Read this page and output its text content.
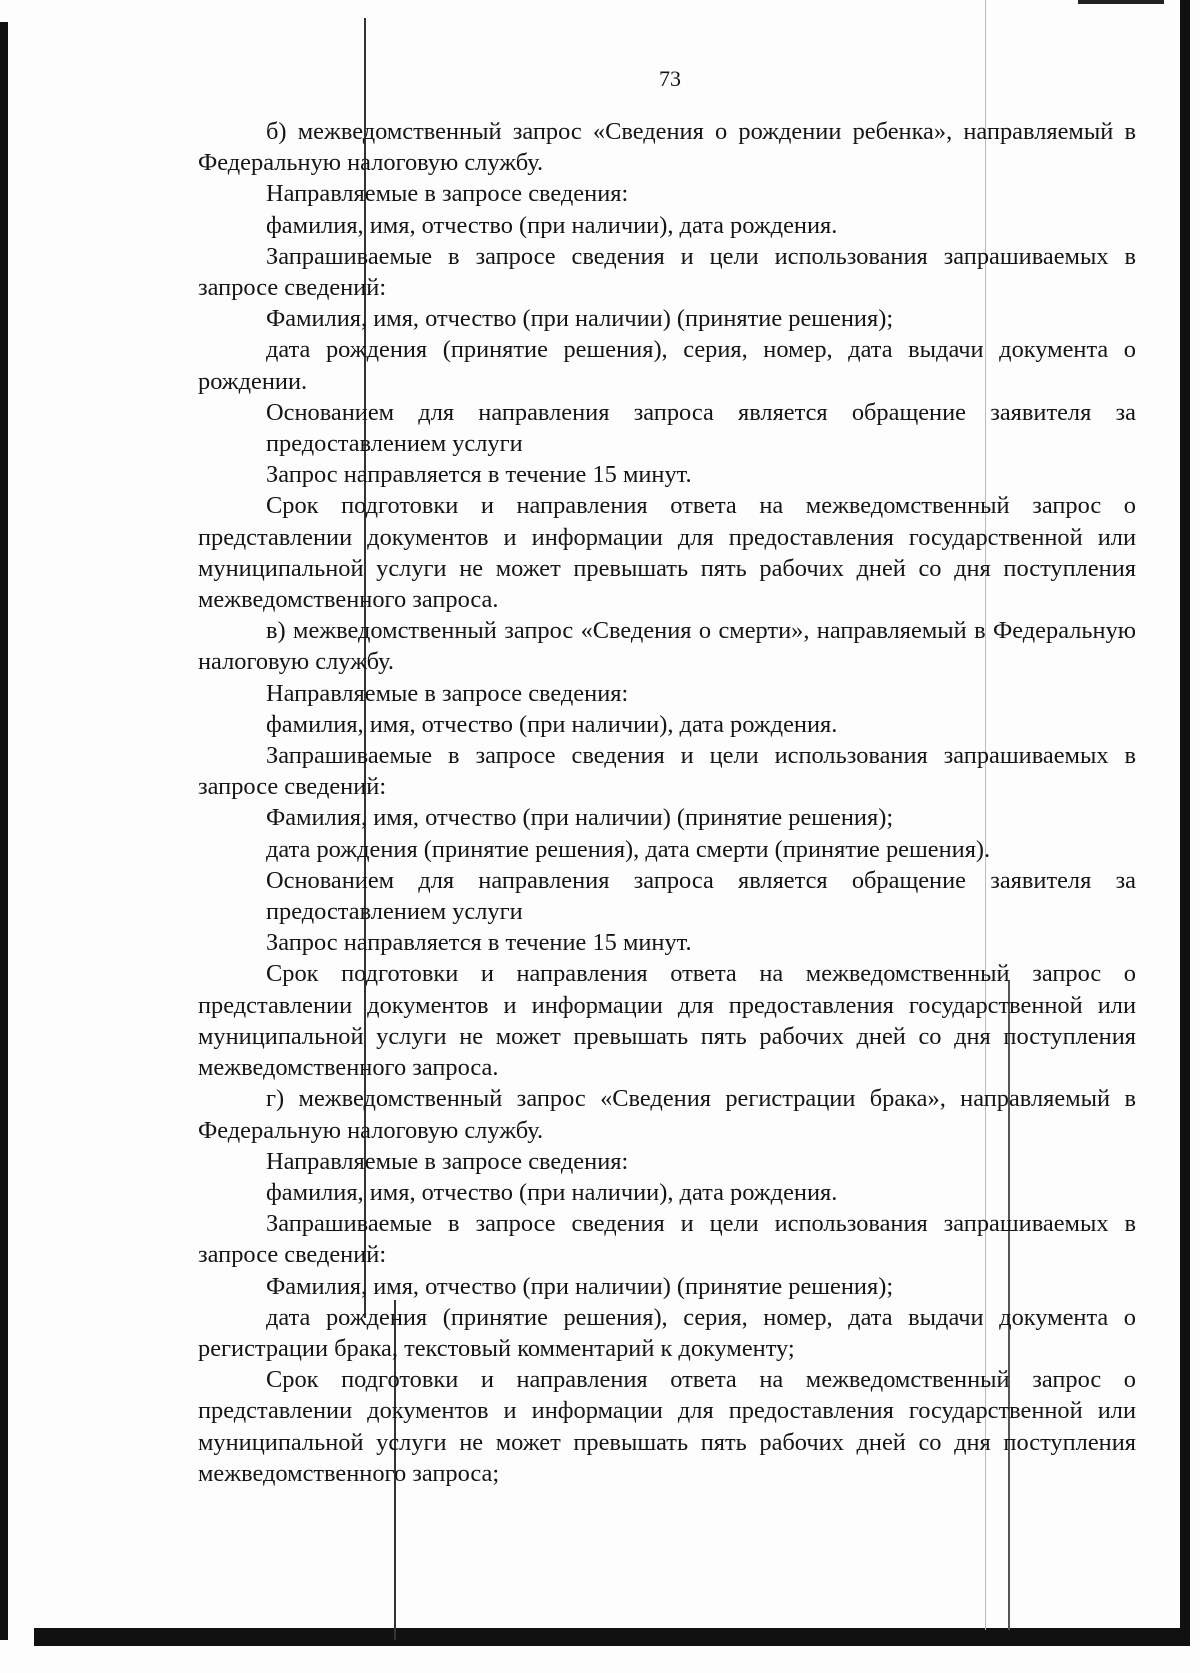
73

б) межведомственный запрос «Сведения о рождении ребенка», направляемый в Федеральную налоговую службу.

Направляемые в запросе сведения:

фамилия, имя, отчество (при наличии), дата рождения.

Запрашиваемые в запросе сведения и цели использования запрашиваемых в запросе сведений:

Фамилия, имя, отчество (при наличии) (принятие решения);

дата рождения (принятие решения), серия, номер, дата выдачи документа о рождении.

Основанием для направления запроса является обращение заявителя за предоставлением услуги

Запрос направляется в течение 15 минут.

Срок подготовки и направления ответа на межведомственный запрос о представлении документов и информации для предоставления государственной или муниципальной услуги не может превышать пять рабочих дней со дня поступления межведомственного запроса.

в) межведомственный запрос «Сведения о смерти», направляемый в Федеральную налоговую службу.

Направляемые в запросе сведения:

фамилия, имя, отчество (при наличии), дата рождения.

Запрашиваемые в запросе сведения и цели использования запрашиваемых в запросе сведений:

Фамилия, имя, отчество (при наличии) (принятие решения);

дата рождения (принятие решения), дата смерти (принятие решения).

Основанием для направления запроса является обращение заявителя за предоставлением услуги

Запрос направляется в течение 15 минут.

Срок подготовки и направления ответа на межведомственный запрос о представлении документов и информации для предоставления государственной или муниципальной услуги не может превышать пять рабочих дней со дня поступления межведомственного запроса.

г) межведомственный запрос «Сведения регистрации брака», направляемый в Федеральную налоговую службу.

Направляемые в запросе сведения:

фамилия, имя, отчество (при наличии), дата рождения.

Запрашиваемые в запросе сведения и цели использования запрашиваемых в запросе сведений:

Фамилия, имя, отчество (при наличии) (принятие решения);

дата рождения (принятие решения), серия, номер, дата выдачи документа о регистрации брака, текстовый комментарий к документу;

Срок подготовки и направления ответа на межведомственный запрос о представлении документов и информации для предоставления государственной или муниципальной услуги не может превышать пять рабочих дней со дня поступления межведомственного запроса;
